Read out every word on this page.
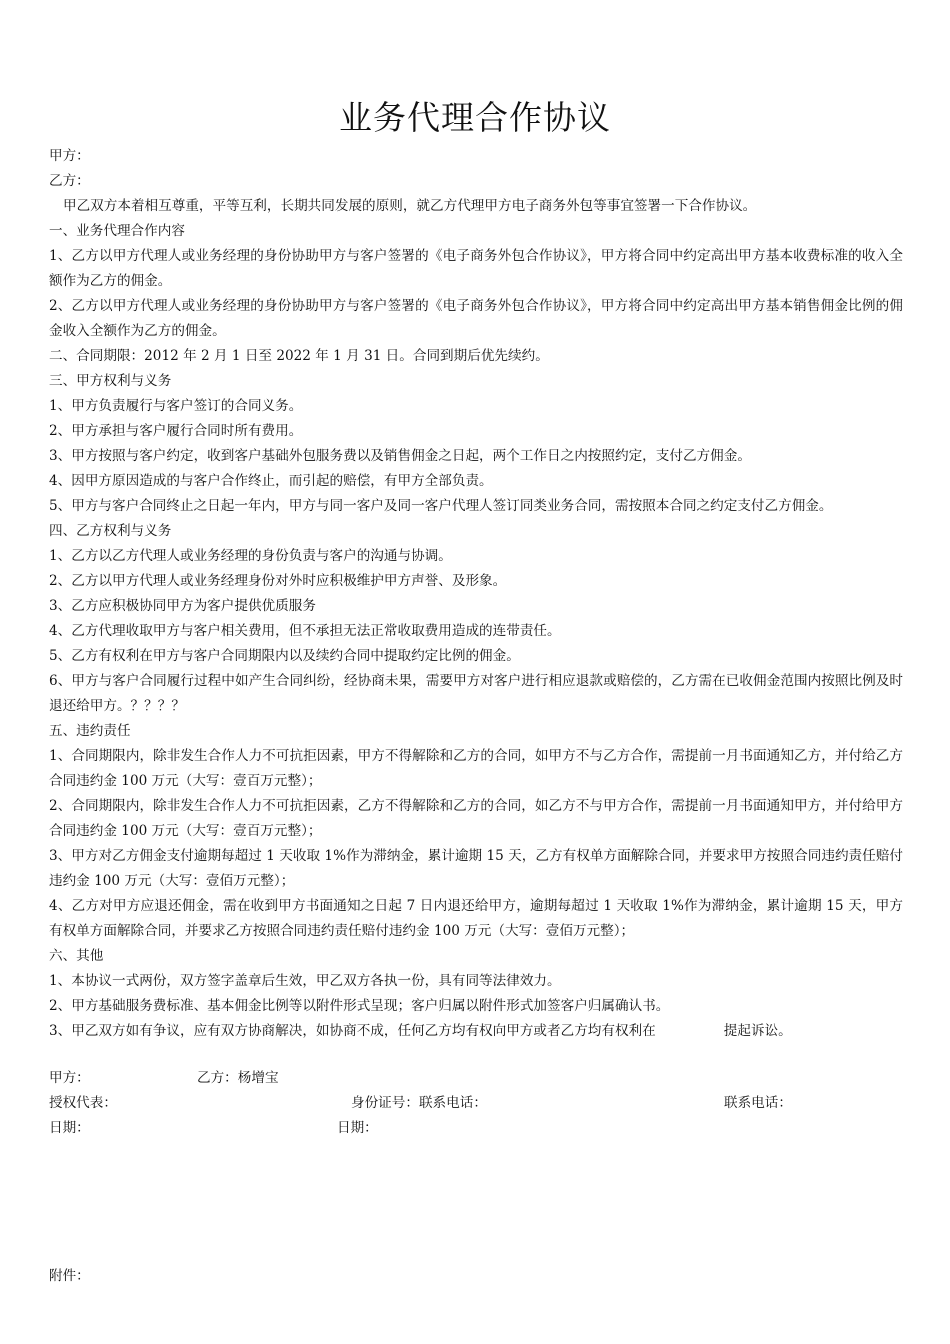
业务代理合作协议

甲方：

乙方：

甲乙双方本着相互尊重，平等互利，长期共同发展的原则，就乙方代理甲方电子商务外包等事宜签署一下合作协议。

一、业务代理合作内容

1、乙方以甲方代理人或业务经理的身份协助甲方与客户签署的《电子商务外包合作协议》，甲方将合同中约定高出甲方基本收费标准的收入全额作为乙方的佣金。

2、乙方以甲方代理人或业务经理的身份协助甲方与客户签署的《电子商务外包合作协议》，甲方将合同中约定高出甲方基本销售佣金比例的佣金收入全额作为乙方的佣金。

二、合同期限：2012 年 2 月 1 日至 2022 年 1 月 31 日。合同到期后优先续约。

三、甲方权利与义务

1、甲方负责履行与客户签订的合同义务。

2、甲方承担与客户履行合同时所有费用。

3、甲方按照与客户约定，收到客户基础外包服务费以及销售佣金之日起，两个工作日之内按照约定，支付乙方佣金。

4、因甲方原因造成的与客户合作终止，而引起的赔偿，有甲方全部负责。

5、甲方与客户合同终止之日起一年内，甲方与同一客户及同一客户代理人签订同类业务合同，需按照本合同之约定支付乙方佣金。

四、乙方权利与义务

1、乙方以乙方代理人或业务经理的身份负责与客户的沟通与协调。

2、乙方以甲方代理人或业务经理身份对外时应积极维护甲方声誉、及形象。

3、乙方应积极协同甲方为客户提供优质服务

4、乙方代理收取甲方与客户相关费用，但不承担无法正常收取费用造成的连带责任。

5、乙方有权利在甲方与客户合同期限内以及续约合同中提取约定比例的佣金。

6、甲方与客户合同履行过程中如产生合同纠纷，经协商未果，需要甲方对客户进行相应退款或赔偿的，乙方需在已收佣金范围内按照比例及时退还给甲方。？？？？

五、违约责任

1、合同期限内，除非发生合作人力不可抗拒因素，甲方不得解除和乙方的合同，如甲方不与乙方合作，需提前一月书面通知乙方，并付给乙方合同违约金 100 万元（大写：壹百万元整）；

2、合同期限内，除非发生合作人力不可抗拒因素，乙方不得解除和乙方的合同，如乙方不与甲方合作，需提前一月书面通知甲方，并付给甲方合同违约金 100 万元（大写：壹百万元整）；

3、甲方对乙方佣金支付逾期每超过 1 天收取 1%作为滞纳金，累计逾期 15 天，乙方有权单方面解除合同，并要求甲方按照合同违约责任赔付违约金 100 万元（大写：壹佰万元整）；

4、乙方对甲方应退还佣金，需在收到甲方书面通知之日起 7 日内退还给甲方，逾期每超过 1 天收取 1%作为滞纳金，累计逾期 15 天，甲方有权单方面解除合同，并要求乙方按照合同违约责任赔付违约金 100 万元（大写：壹佰万元整）；

六、其他

1、本协议一式两份，双方签字盖章后生效，甲乙双方各执一份，具有同等法律效力。

2、甲方基础服务费标准、基本佣金比例等以附件形式呈现；客户归属以附件形式加签客户归属确认书。

3、甲乙双方如有争议，应有双方协商解决，如协商不成，任何乙方均有权向甲方或者乙方均有权利在	提起诉讼。

甲方：	乙方：杨增宝
授权代表：	身份证号：联系电话：	联系电话：
日期：	日期：
附件：
